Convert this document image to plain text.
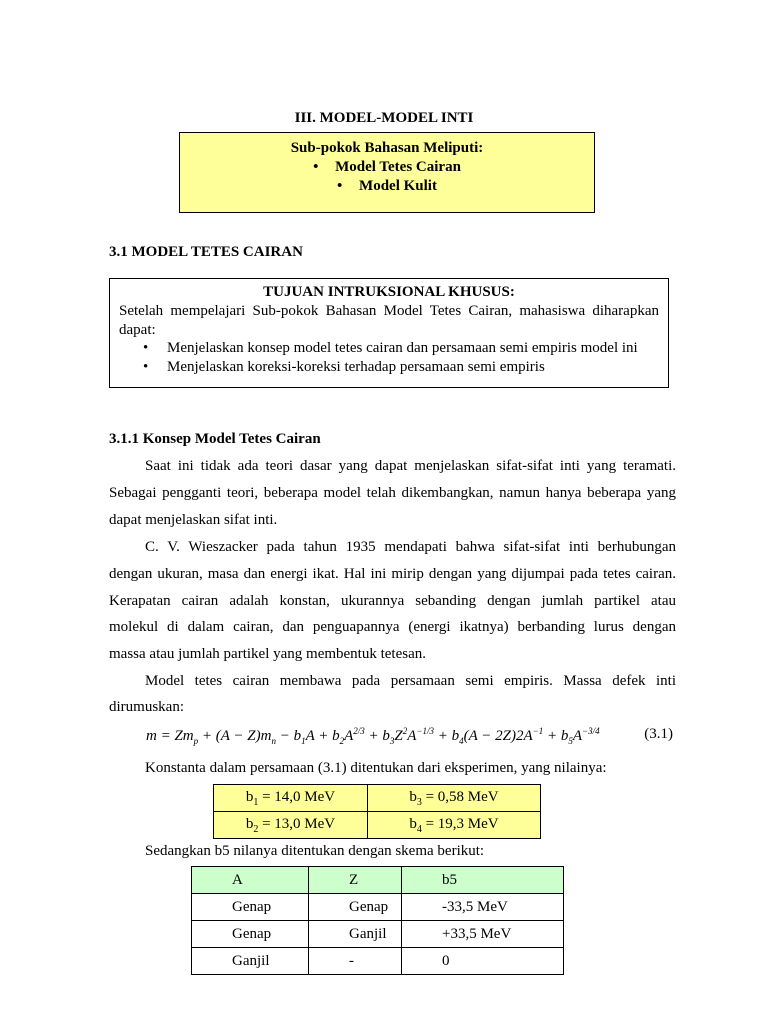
III. MODEL-MODEL INTI
Sub-pokok Bahasan Meliputi:
• Model Tetes Cairan
• Model Kulit
3.1 MODEL TETES CAIRAN
TUJUAN INTRUKSIONAL KHUSUS:
Setelah mempelajari Sub-pokok Bahasan Model Tetes Cairan, mahasiswa diharapkan dapat:
• Menjelaskan konsep model tetes cairan dan persamaan semi empiris model ini
• Menjelaskan koreksi-koreksi terhadap persamaan semi empiris
3.1.1 Konsep Model Tetes Cairan
Saat ini tidak ada teori dasar yang dapat menjelaskan sifat-sifat inti yang teramati.
Sebagai pengganti teori, beberapa model telah dikembangkan, namun hanya beberapa yang
dapat menjelaskan sifat inti.
C. V. Wieszacker pada tahun 1935 mendapati bahwa sifat-sifat inti berhubungan
dengan ukuran, masa dan energi ikat. Hal ini mirip dengan yang dijumpai pada tetes cairan.
Kerapatan cairan adalah konstan, ukurannya sebanding dengan jumlah partikel atau
molekul di dalam cairan, dan penguapannya (energi ikatnya) berbanding lurus dengan
massa atau jumlah partikel yang membentuk tetesan.
Model tetes cairan membawa pada persamaan semi empiris. Massa defek inti
dirumuskan:
$m = Zm_p + (A - Z)m_n - b_1A + b_2A^{2/3} + b_3Z^2A^{-1/3} + b_4(A - 2Z)2A^{-1} + b_5A^{-3/4}$	(3.1)
Konstanta dalam persamaan (3.1) ditentukan dari eksperimen, yang nilainya:
$b_1 = 14,0$ MeV	$b_3 = 0,58$ MeV
$b_2 = 13,0$ MeV	$b_4 = 19,3$ MeV
Sedangkan b5 nilanya ditentukan dengan skema berikut:
A	Z	b5
Genap	Genap	-33,5 MeV
Genap	Ganjil	+33,5 MeV
Ganjil	-	0
